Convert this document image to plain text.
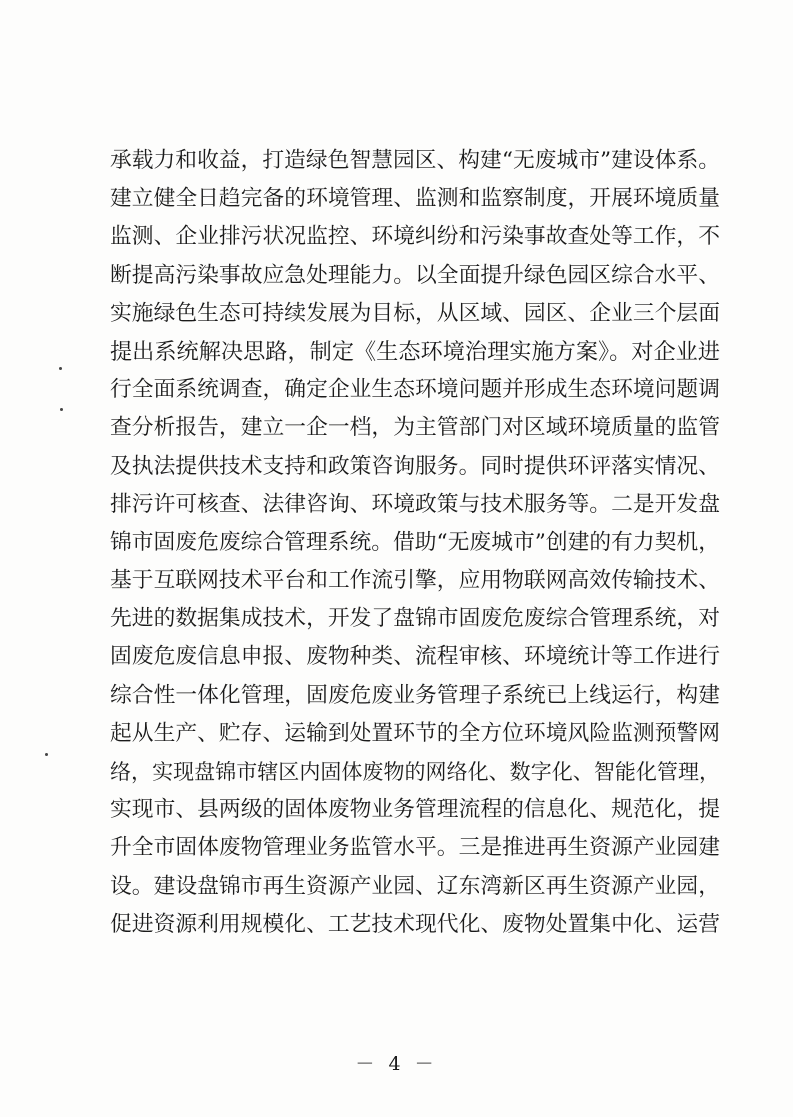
承载力和收益，打造绿色智慧园区、构建“无废城市”建设体系。
建立健全日趋完备的环境管理、监测和监察制度，开展环境质量
监测、企业排污状况监控、环境纠纷和污染事故查处等工作，不
断提高污染事故应急处理能力。以全面提升绿色园区综合水平、
实施绿色生态可持续发展为目标，从区域、园区、企业三个层面
提出系统解决思路，制定《生态环境治理实施方案》。对企业进
行全面系统调查，确定企业生态环境问题并形成生态环境问题调
查分析报告，建立一企一档，为主管部门对区域环境质量的监管
及执法提供技术支持和政策咨询服务。同时提供环评落实情况、
排污许可核查、法律咨询、环境政策与技术服务等。二是开发盘
锦市固废危废综合管理系统。借助“无废城市”创建的有力契机，
基于互联网技术平台和工作流引擎，应用物联网高效传输技术、
先进的数据集成技术，开发了盘锦市固废危废综合管理系统，对
固废危废信息申报、废物种类、流程审核、环境统计等工作进行
综合性一体化管理，固废危废业务管理子系统已上线运行，构建
起从生产、贮存、运输到处置环节的全方位环境风险监测预警网
络，实现盘锦市辖区内固体废物的网络化、数字化、智能化管理，
实现市、县两级的固体废物业务管理流程的信息化、规范化，提
升全市固体废物管理业务监管水平。三是推进再生资源产业园建
设。建设盘锦市再生资源产业园、辽东湾新区再生资源产业园，
促进资源利用规模化、工艺技术现代化、废物处置集中化、运营
－ 4 －
